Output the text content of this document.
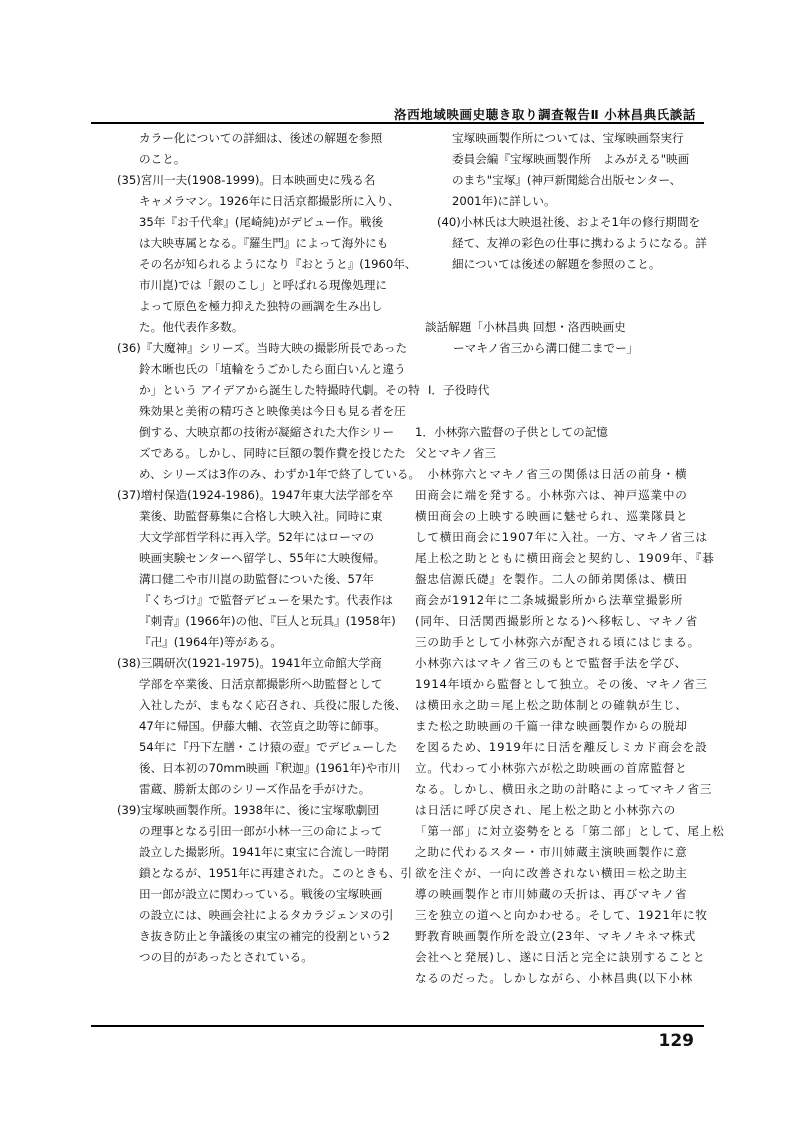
洛西地域映画史聴き取り調査報告Ⅱ 小林昌典氏談話
カラー化についての詳細は、後述の解題を参照
のこと。
(35)宮川一夫(1908-1999)。日本映画史に残る名
キャメラマン。1926年に日活京都撮影所に入り、
35年『お千代傘』(尾崎純)がデビュー作。戦後
は大映専属となる。『羅生門』によって海外にも
その名が知られるようになり『おとうと』(1960年、
市川崑)では「銀のこし」と呼ばれる現像処理に
よって原色を極力抑えた独特の画調を生み出し
た。他代表作多数。
(36)『大魔神』シリーズ。当時大映の撮影所長であった
鈴木晰也氏の「埴輪をうごかしたら面白いんと違う
か」という アイデアから誕生した特撮時代劇。その特
殊効果と美術の精巧さと映像美は今日も見る者を圧
倒する、大映京都の技術が凝縮された大作シリー
ズである。しかし、同時に巨額の製作費を投じたた
め、シリーズは3作のみ、わずか1年で終了している。
(37)増村保造(1924-1986)。1947年東大法学部を卒
業後、助監督募集に合格し大映入社。同時に東
大文学部哲学科に再入学。52年にはローマの
映画実験センターへ留学し、55年に大映復帰。
溝口健二や市川崑の助監督についた後、57年
『くちづけ』で監督デビューを果たす。代表作は
『刺青』(1966年)の他、『巨人と玩具』(1958年)
『卍』(1964年)等がある。
(38)三隅研次(1921-1975)。1941年立命館大学商
学部を卒業後、日活京都撮影所へ助監督として
入社したが、まもなく応召され、兵役に服した後、
47年に帰国。伊藤大輔、衣笠貞之助等に師事。
54年に『丹下左膳・こけ猿の壺』でデビューした
後、日本初の70mm映画『釈迦』(1961年)や市川
雷蔵、勝新太郎のシリーズ作品を手がけた。
(39)宝塚映画製作所。1938年に、後に宝塚歌劇団
の理事となる引田一郎が小林一三の命によって
設立した撮影所。1941年に東宝に合流し一時閉
鎖となるが、1951年に再建された。このときも、引
田一郎が設立に関わっている。戦後の宝塚映画
の設立には、映画会社によるタカラジェンヌの引
き抜き防止と争議後の東宝の補完的役割という2
つの目的があったとされている。
宝塚映画製作所については、宝塚映画祭実行
委員会編『宝塚映画製作所　よみがえる"映画
のまち"宝塚』(神戸新聞総合出版センター、
2001年)に詳しい。
(40)小林氏は大映退社後、およそ1年の修行期間を
経て、友禅の彩色の仕事に携わるようになる。詳
細については後述の解題を参照のこと。
談話解題「小林昌典 回想・洛西映画史
ーマキノ省三から溝口健二までー」
Ⅰ．子役時代
1．小林弥六監督の子供としての記憶
父とマキノ省三
　小林弥六とマキノ省三の関係は日活の前身・横
田商会に端を発する。小林弥六は、神戸巡業中の
横田商会の上映する映画に魅せられ、巡業隊員と
して横田商会に1907年に入社。一方、マキノ省三は
尾上松之助とともに横田商会と契約し、1909年、『碁
盤忠信源氏礎』を製作。二人の師弟関係は、横田
商会が1912年に二条城撮影所から法華堂撮影所
(同年、日活関西撮影所となる)へ移転し、マキノ省
三の助手として小林弥六が配される頃にはじまる。
小林弥六はマキノ省三のもとで監督手法を学び、
1914年頃から監督として独立。その後、マキノ省三
は横田永之助＝尾上松之助体制との確執が生じ、
また松之助映画の千篇一律な映画製作からの脱却
を図るため、1919年に日活を離反しミカド商会を設
立。代わって小林弥六が松之助映画の首席監督と
なる。しかし、横田永之助の計略によってマキノ省三
は日活に呼び戻され、尾上松之助と小林弥六の
「第一部」に対立姿勢をとる「第二部」として、尾上松
之助に代わるスター・市川姉蔵主演映画製作に意
欲を注ぐが、一向に改善されない横田＝松之助主
導の映画製作と市川姉蔵の夭折は、再びマキノ省
三を独立の道へと向かわせる。そして、1921年に牧
野教育映画製作所を設立(23年、マキノキネマ株式
会社へと発展)し、遂に日活と完全に訣別することと
なるのだった。しかしながら、小林昌典(以下小林
129
